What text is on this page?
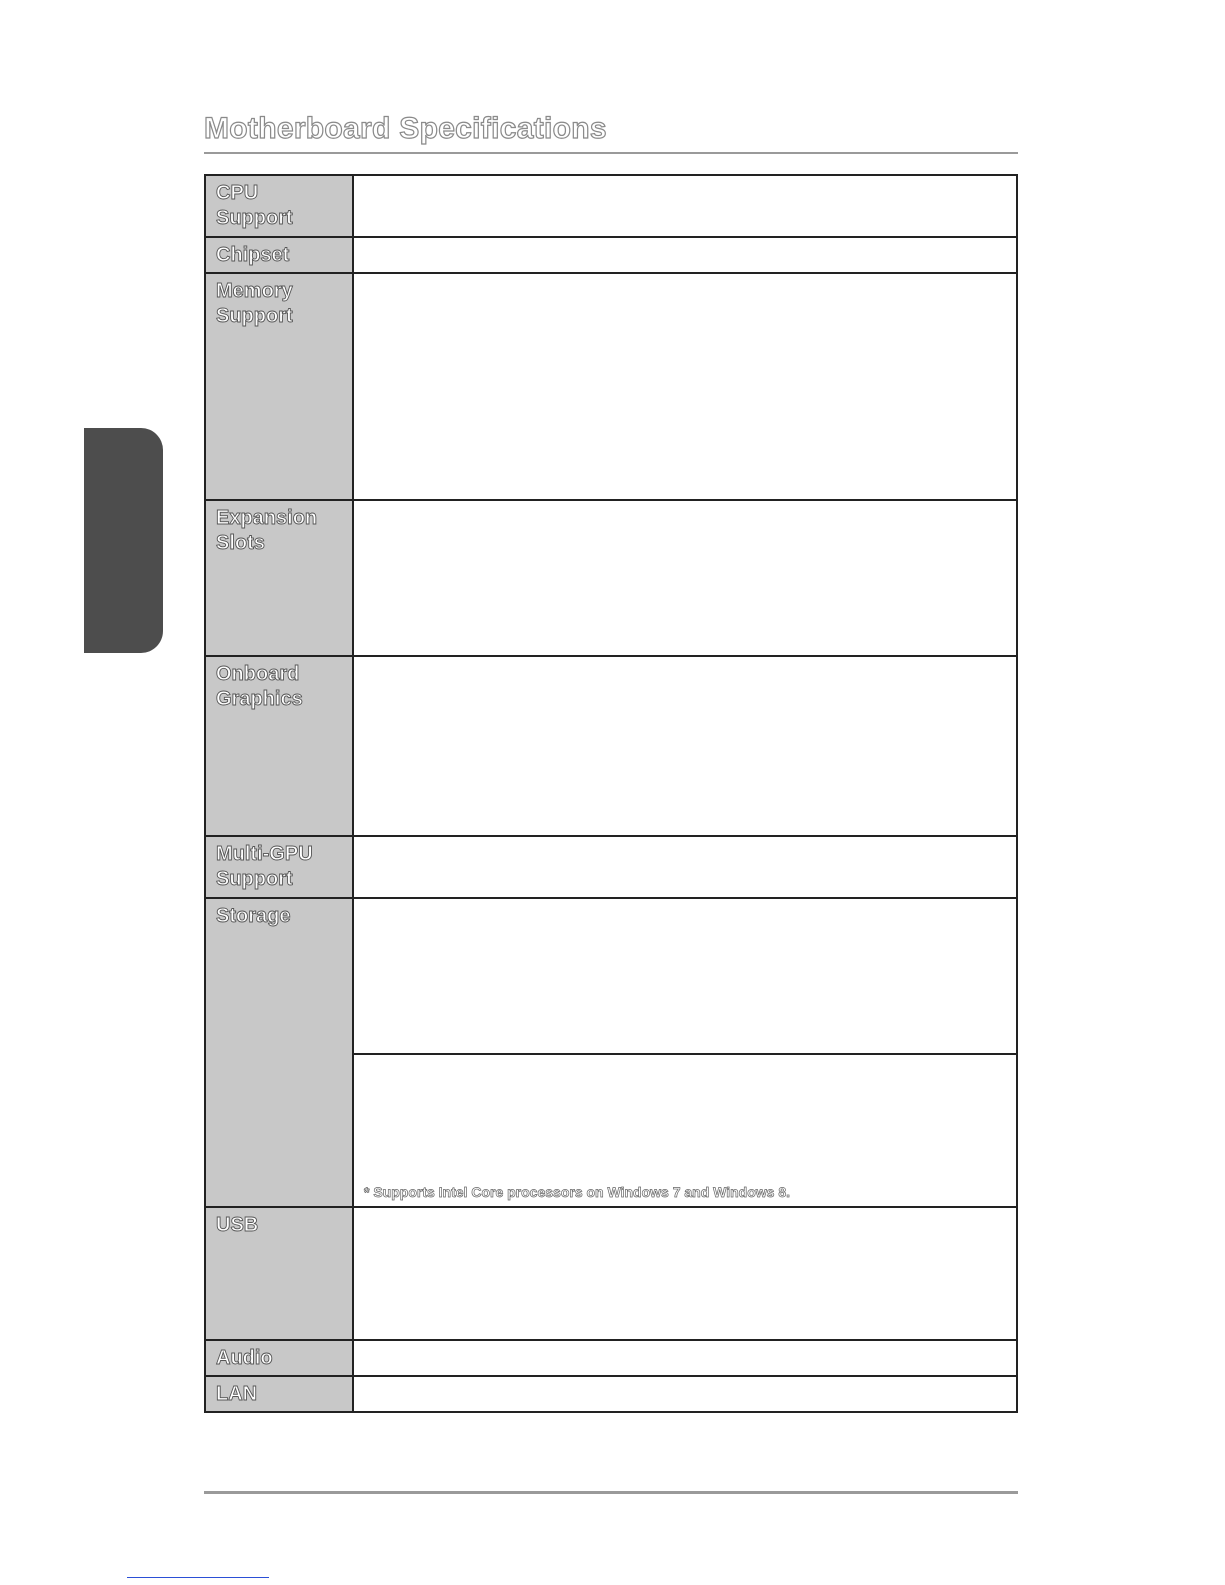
Motherboard Specifications
CPU
Support	

Chipset	

Memory
Support	

Expansion
Slots	

Onboard
Graphics	

Multi-GPU
Support	

Storage	

	* Supports Intel Core processors on Windows 7 and Windows 8.

USB	

Audio	

LAN	
